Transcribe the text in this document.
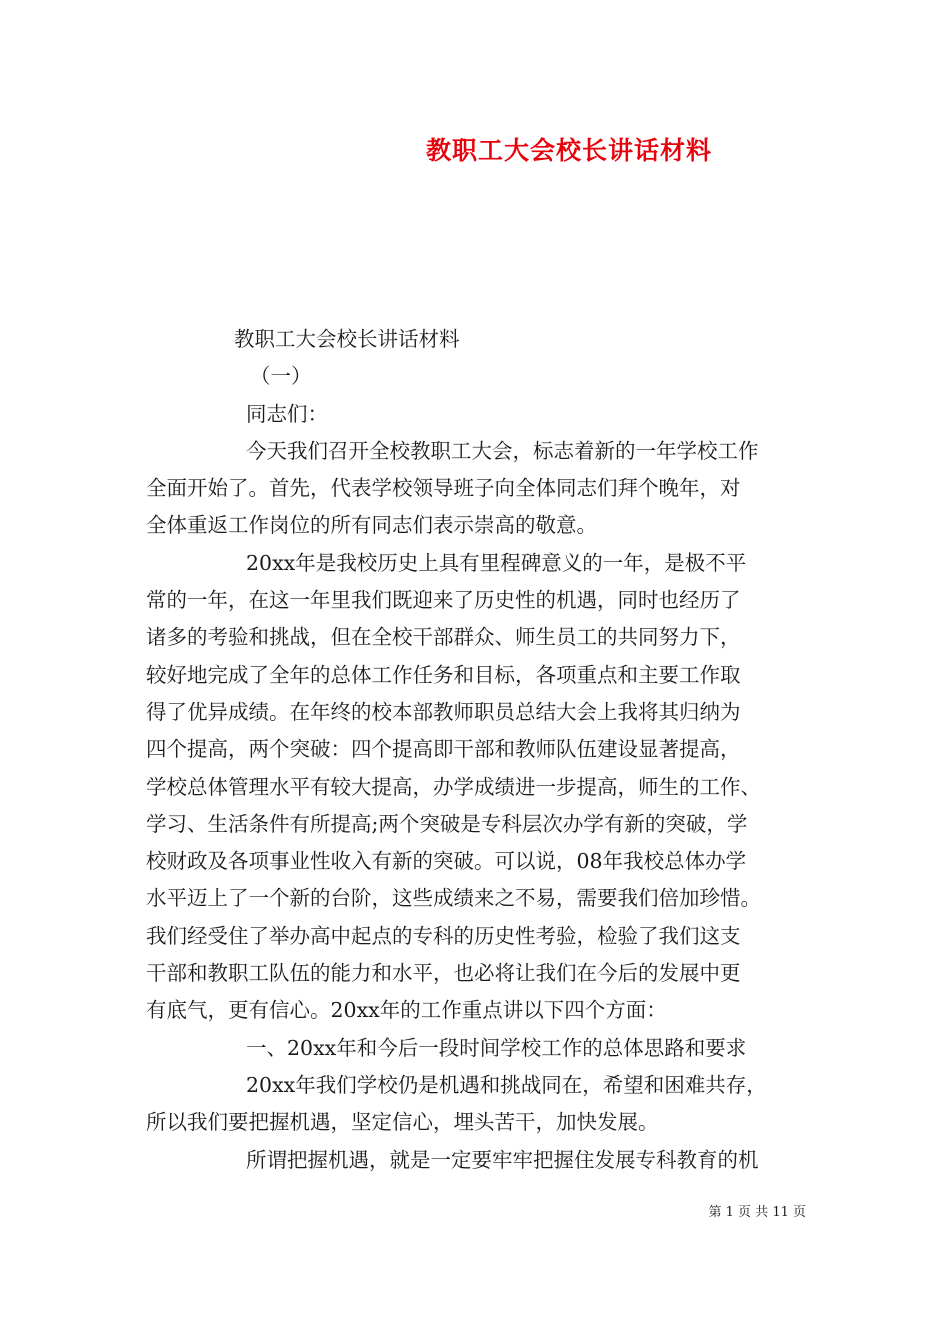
教职工大会校长讲话材料

教职工大会校长讲话材料

（一）

同志们：

今天我们召开全校教职工大会，标志着新的一年学校工作

全面开始了。首先，代表学校领导班子向全体同志们拜个晚年，对

全体重返工作岗位的所有同志们表示崇高的敬意。

20xx年是我校历史上具有里程碑意义的一年，是极不平

常的一年，在这一年里我们既迎来了历史性的机遇，同时也经历了

诸多的考验和挑战，但在全校干部群众、师生员工的共同努力下，

较好地完成了全年的总体工作任务和目标，各项重点和主要工作取

得了优异成绩。在年终的校本部教师职员总结大会上我将其归纳为

四个提高，两个突破：四个提高即干部和教师队伍建设显著提高，

学校总体管理水平有较大提高，办学成绩进一步提高，师生的工作、

学习、生活条件有所提高;两个突破是专科层次办学有新的突破，学

校财政及各项事业性收入有新的突破。可以说，08年我校总体办学

水平迈上了一个新的台阶，这些成绩来之不易，需要我们倍加珍惜。

我们经受住了举办高中起点的专科的历史性考验，检验了我们这支

干部和教职工队伍的能力和水平，也必将让我们在今后的发展中更

有底气，更有信心。20xx年的工作重点讲以下四个方面：

一、20xx年和今后一段时间学校工作的总体思路和要求

20xx年我们学校仍是机遇和挑战同在，希望和困难共存，

所以我们要把握机遇，坚定信心，埋头苦干，加快发展。

所谓把握机遇，就是一定要牢牢把握住发展专科教育的机

第 1 页 共 11 页
